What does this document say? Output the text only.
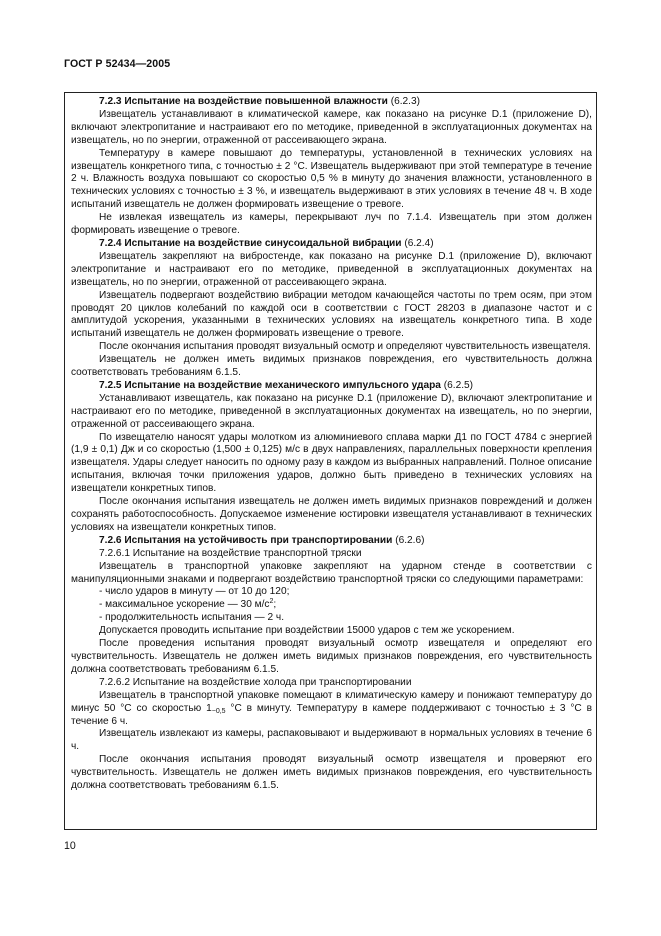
ГОСТ Р 52434—2005

7.2.3 Испытание на воздействие повышенной влажности (6.2.3)

Извещатель устанавливают в климатической камере, как показано на рисунке D.1 (приложение D), включают электропитание и настраивают его по методике, приведенной в эксплуатационных документах на извещатель, но по энергии, отраженной от рассеивающего экрана.

Температуру в камере повышают до температуры, установленной в технических условиях на извещатель конкретного типа, с точностью ± 2 °С. Извещатель выдерживают при этой температуре в течение 2 ч. Влажность воздуха повышают со скоростью 0,5 % в минуту до значения влажности, установленного в технических условиях с точностью ± 3 %, и извещатель выдерживают в этих условиях в течение 48 ч. В ходе испытаний извещатель не должен формировать извещение о тревоге.

Не извлекая извещатель из камеры, перекрывают луч по 7.1.4. Извещатель при этом должен формировать извещение о тревоге.

7.2.4 Испытание на воздействие синусоидальной вибрации (6.2.4)

Извещатель закрепляют на вибростенде, как показано на рисунке D.1 (приложение D), включают электропитание и настраивают его по методике, приведенной в эксплуатационных документах на извещатель, но по энергии, отраженной от рассеивающего экрана.

Извещатель подвергают воздействию вибрации методом качающейся частоты по трем осям, при этом проводят 20 циклов колебаний по каждой оси в соответствии с ГОСТ 28203 в диапазоне частот и с амплитудой ускорения, указанными в технических условиях на извещатель конкретного типа. В ходе испытаний извещатель не должен формировать извещение о тревоге.

После окончания испытания проводят визуальный осмотр и определяют чувствительность извещателя.

Извещатель не должен иметь видимых признаков повреждения, его чувствительность должна соответствовать требованиям 6.1.5.

7.2.5 Испытание на воздействие механического импульсного удара (6.2.5)

Устанавливают извещатель, как показано на рисунке D.1 (приложение D), включают электропитание и настраивают его по методике, приведенной в эксплуатационных документах на извещатель, но по энергии, отраженной от рассеивающего экрана.

По извещателю наносят удары молотком из алюминиевого сплава марки Д1 по ГОСТ 4784 с энергией (1,9 ± 0,1) Дж и со скоростью (1,500 ± 0,125) м/с в двух направлениях, параллельных поверхности крепления извещателя. Удары следует наносить по одному разу в каждом из выбранных направлений. Полное описание испытания, включая точки приложения ударов, должно быть приведено в технических условиях на извещатели конкретных типов.

После окончания испытания извещатель не должен иметь видимых признаков повреждений и должен сохранять работоспособность. Допускаемое изменение юстировки извещателя устанавливают в технических условиях на извещатели конкретных типов.

7.2.6 Испытания на устойчивость при транспортировании (6.2.6)

7.2.6.1 Испытание на воздействие транспортной тряски

Извещатель в транспортной упаковке закрепляют на ударном стенде в соответствии с манипуляционными знаками и подвергают воздействию транспортной тряски со следующими параметрами:

- число ударов в минуту — от 10 до 120;

- максимальное ускорение — 30 $м/с^2$;

- продолжительность испытания — 2 ч.

Допускается проводить испытание при воздействии 15000 ударов с тем же ускорением.

После проведения испытания проводят визуальный осмотр извещателя и определяют его чувствительность. Извещатель не должен иметь видимых признаков повреждения, его чувствительность должна соответствовать требованиям 6.1.5.

7.2.6.2 Испытание на воздействие холода при транспортировании

Извещатель в транспортной упаковке помещают в климатическую камеру и понижают температуру до минус 50 °С со скоростью $1_{-0,5}$ °С в минуту. Температуру в камере поддерживают с точностью ± 3 °С в течение 6 ч.

Извещатель извлекают из камеры, распаковывают и выдерживают в нормальных условиях в течение 6 ч.

После окончания испытания проводят визуальный осмотр извещателя и проверяют его чувствительность. Извещатель не должен иметь видимых признаков повреждения, его чувствительность должна соответствовать требованиям 6.1.5.

10
